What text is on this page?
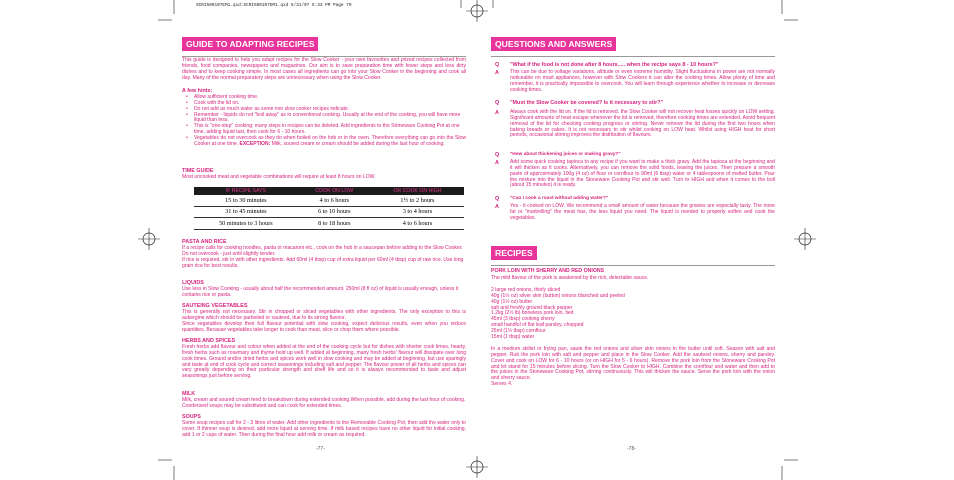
SCRI500107EM1.qxd:SCRI500107EM1.qxd 5/31/07 5:33 PM Page 79
GUIDE TO ADAPTING RECIPES
This guide is designed to help you adapt recipes for the Slow Cooker - your own favourites and prized recipes collected from friends, food companies, newspapers and magazines. Our aim is to save preparation time with fewer steps and less dirty dishes and to keep cooking simple. In most cases all ingredients can go into your Slow Cooker in the beginning and cook all day. Many of the normal preparatory steps are unnecessary when using the Slow Cooker.
A few hints:
• Allow sufficient cooking time.
• Cook with the lid on.
• Do not add as much water as some non slow cooker recipes indicate.
• Remember - liquids do not "boil away" as in conventional cooking. Usually at the end of the cooking, you will have more liquid than less.
• This is "one-step" cooking: many steps in recipes can be deleted. Add ingredients to the Stoneware Cooking Pot at one time, adding liquid last, then cook for 6 - 10 hours.
• Vegetables do not overcook as they do when boiled on the hob or in the oven. Therefore everything can go into the Slow Cooker at one time. EXCEPTION: Milk, soured cream or cream should be added during the last hour of cooking.
TIME GUIDE
Most uncooked meat and vegetable combinations will require at least 8 hours on LOW.
IF RECIPE SAYS	COOK ON LOW	OR COOK ON HIGH
15 to 30 minutes	4 to 6 hours	1½ to 2 hours
31 to 45 minutes	6 to 10 hours	3 to 4 hours
50 minutes to 3 hours	8 to 18 hours	4 to 6 hours
PASTA AND RICE
If a recipe calls for cooking noodles, pasta or macaroni etc., cook on the hob in a saucepan before adding to the Slow Cooker. Do not overcook - just until slightly tender.
If rice is required, stir in with other ingredients. Add 60ml (4 tbsp) cup of extra liquid per 60ml (4 tbsp) cup of raw rice. Use long grain rice for best results.
LIQUIDS
Use less in Slow Cooking - usually about half the recommended amount. 250ml (8 fl oz) of liquid is usually enough, unless it contains rice or pasta.
SAUTEING VEGETABLES
This is generally not necessary. Stir in chopped or sliced vegetables with other ingredients. The only exception to this is aubergine which should be parboiled or sauteed, due to its strong flavour.
Since vegetables develop their full flavour potential with slow cooking, expect delicious results, even when you reduce quantities. Because vegetables take longer to cook than meat, slice or chop them where possible.
HERBS AND SPICES
Fresh herbs add flavour and colour when added at the end of the cooking cycle but for dishes with shorter cook times, hearty, fresh herbs such as rosemary and thyme hold up well. If added at beginning, many fresh herbs' flavour will dissipate over long cook times. Ground and/or dried herbs and spices work well in slow cooking and may be added at beginning, but use sparingly and taste at end of cook cycle and correct seasonings including salt and pepper. The flavour power of all herbs and spices can vary greatly depending on their particular strength and shelf life and so it is always recommended to taste and adjust seasonings just before serving.
MILK
Milk, cream and soured cream tend to breakdown during extended cooking.When possible, add during the last hour of cooking. Condensed soups may be substituted and can cook for extended times.
SOUPS
Some soup recipes call for 2 - 3 litres of water. Add other ingredients to the Removable Cooking Pot, then add the water only to cover. If thinner soup is desired, add more liquid at serving time. If milk based recipes have no other liquid for initial cooking, add 1 or 2 cups of water. Then during the final hour add milk or cream as required.
-77-
QUESTIONS AND ANSWERS
Q "What if the food is not done after 8 hours..... when the recipe says 8 - 10 hours?"
A This can be due to voltage variations, altitude or even extreme humidity. Slight fluctuations in power are not normally noticeable on most appliances, however with Slow Cookers it can alter the cooking times. Allow plenty of time and remember, it is practically impossible to overcook. You will learn through experience whether to increase or decrease cooking times.
Q "Must the Slow Cooker be covered? Is it necessary to stir?"
A Always cook with the lid on. If the lid is removed, the Slow Cooker will not recover heat losses quickly on LOW setting. Significant amounts of heat escape whenever the lid is removed, therefore cooking times are extended. Avoid frequent removal of the lid for checking cooking progress or stirring. Never remove the lid during the first two hours when baking breads or cakes. It is not necessary to stir whilst cooking on LOW heat. Whilst using HIGH heat for short periods, occasional stirring improves the distribution of flavours.
Q "How about thickening juices or making gravy?"
A Add some quick cooking tapioca to any recipe if you want to make a thick gravy. Add the tapioca at the beginning and it will thicken as it cooks. Alternatively, you can remove the solid foods, leaving the juices. Then prepare a smooth paste of approximately 100g (4 oz) of flour or cornflour to 90ml (6 tbsp) water or 4 tablespoons of melted butter. Pour the mixture into the liquid in the Stoneware Cooking Pot and stir well. Turn to HIGH and when it comes to the boil (about 15 minutes) it is ready.
Q "Can I cook a roast without adding water?"
A Yes - it cooked on LOW. We recommend a small amount of water because the gravies are especially tasty. The more fat or "marbelling" the meat has, the less liquid you need. The liquid is needed to properly soften and cook the vegetables.
RECIPES
PORK LOIN WITH SHERRY AND RED ONIONS
The mild flavour of the pork is awakened by the rich, delectable sauce.
2 large red onions, thinly sliced
40g (1½ oz) silver skin (button) onions blanched and peeled
40g (1½ oz) butter
salt and freshly ground black pepper
1.2kg (2½ lb) boneless pork loin, tied
45ml (3 tbsp) cooking sherry
small handful of flat leaf parsley, chopped
25ml (1½ tbsp) cornflour
15ml (1 tbsp) water
In a medium skillet or frying pan, saute the red onions and silver skin onions in the butter until soft. Season with salt and pepper. Rub the pork loin with salt and pepper and place in the Slow Cooker. Add the sauteed onions, sherry and parsley. Cover and cook on LOW for 6 - 10 hours (or on HIGH for 5 - 6 hours). Remove the pork loin from the Stoneware Cooking Pot and let stand for 15 minutes before slicing. Turn the Slow Cooker to HIGH. Combine the cornflour and water and then add to the juices in the Stoneware Cooking Pot, stirring continuously. This will thicken the sauce. Serve the pork loin with the onion and sherry sauce.
Serves 4.
-78-
